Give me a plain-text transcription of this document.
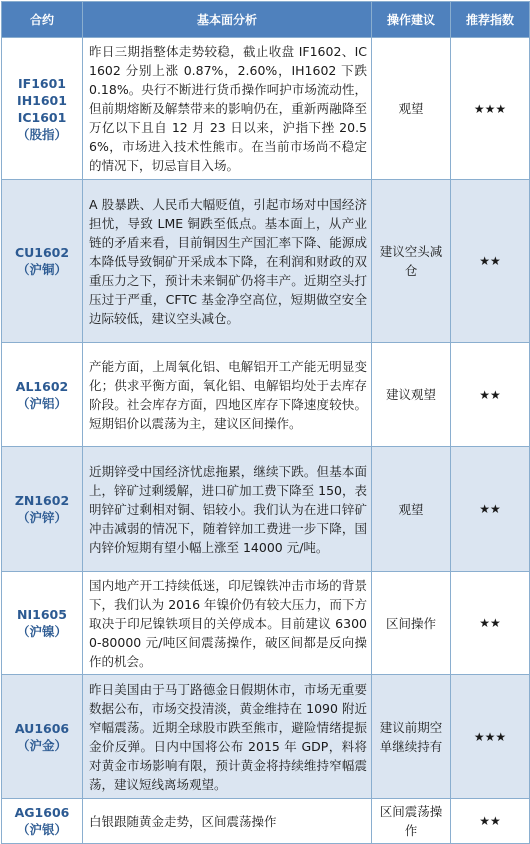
合约	基本面分析	操作建议	推荐指数

IF1601
IH1601
IC1601
（股指）	昨日三期指整体走势较稳，截止收盘 IF1602、IC1602 分别上涨 0.87%，2.60%，IH1602 下跌 0.18%。央行不断进行货币操作呵护市场流动性，但前期熔断及解禁带来的影响仍在，重新两融降至万亿以下且自 12 月 23 日以来，沪指下挫 20.56%，市场进入技术性熊市。在当前市场尚不稳定的情况下，切忌盲目入场。	观望	★★★

CU1602
（沪铜）	A 股暴跌、人民币大幅贬值，引起市场对中国经济担忧，导致 LME 铜跌至低点。基本面上，从产业链的矛盾来看，目前铜因生产国汇率下降、能源成本降低导致铜矿开采成本下降，在利润和财政的双重压力之下，预计未来铜矿仍将丰产。近期空头打压过于严重，CFTC 基金净空高位，短期做空安全边际较低，建议空头减仓。	建议空头减仓	★★

AL1602
（沪铝）	产能方面，上周氧化铝、电解铝开工产能无明显变化；供求平衡方面，氧化铝、电解铝均处于去库存阶段。社会库存方面，四地区库存下降速度较快。短期铝价以震荡为主，建议区间操作。	建议观望	★★

ZN1602
（沪锌）	近期锌受中国经济忧虑拖累，继续下跌。但基本面上，锌矿过剩缓解，进口矿加工费下降至 150，表明锌矿过剩相对铜、铝较小。我们认为在进口锌矿冲击减弱的情况下，随着锌加工费进一步下降，国内锌价短期有望小幅上涨至 14000 元/吨。	观望	★★

NI1605
（沪镍）	国内地产开工持续低迷，印尼镍铁冲击市场的背景下，我们认为 2016 年镍价仍有较大压力，而下方取决于印尼镍铁项目的关停成本。目前建议 63000-80000 元/吨区间震荡操作，破区间都是反向操作的机会。	区间操作	★★

AU1606
（沪金）	昨日美国由于马丁路德金日假期休市，市场无重要数据公布，市场交投清淡，黄金维持在 1090 附近窄幅震荡。近期全球股市跌至熊市，避险情绪提振金价反弹。日内中国将公布 2015 年 GDP，料将对黄金市场影响有限，预计黄金将持续维持窄幅震荡，建议短线离场观望。	建议前期空单继续持有	★★★

AG1606
（沪银）	白银跟随黄金走势，区间震荡操作	区间震荡操作	★★
